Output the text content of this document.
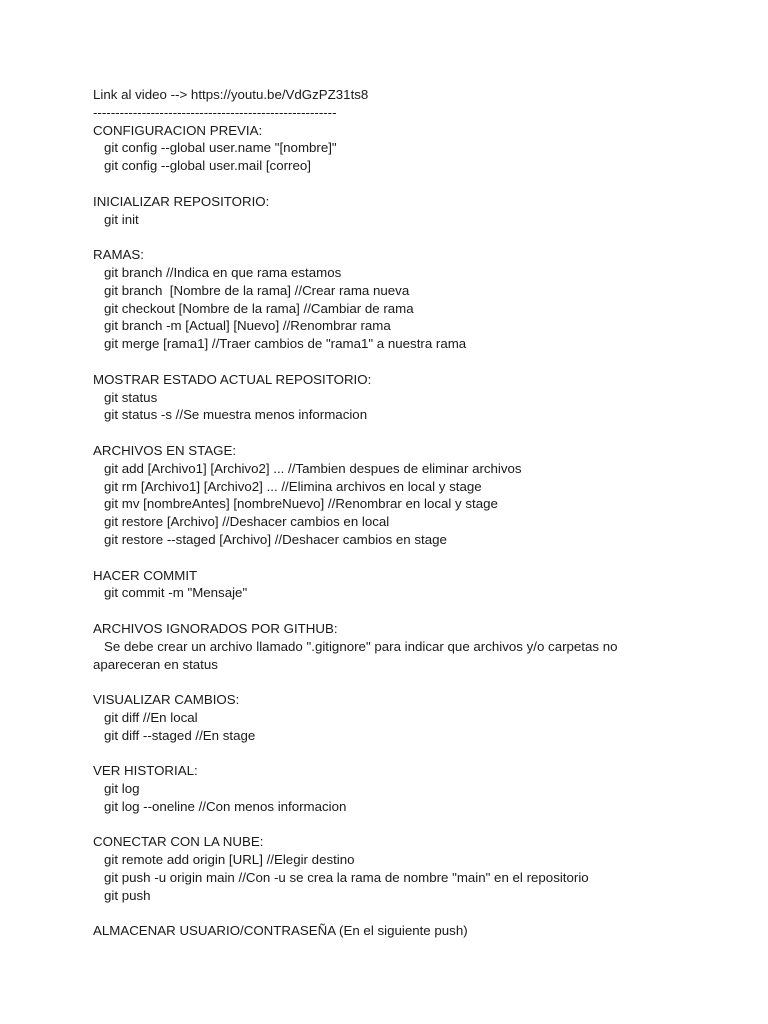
Link al video --> https://youtu.be/VdGzPZ31ts8

-------------------------------------------------------

CONFIGURACION PREVIA:

git config --global user.name "[nombre]"

git config --global user.mail [correo]

INICIALIZAR REPOSITORIO:

git init

RAMAS:

git branch //Indica en que rama estamos

git branch  [Nombre de la rama] //Crear rama nueva

git checkout [Nombre de la rama] //Cambiar de rama

git branch -m [Actual] [Nuevo] //Renombrar rama

git merge [rama1] //Traer cambios de "rama1" a nuestra rama

MOSTRAR ESTADO ACTUAL REPOSITORIO:

git status

git status -s //Se muestra menos informacion

ARCHIVOS EN STAGE:

git add [Archivo1] [Archivo2] ... //Tambien despues de eliminar archivos

git rm [Archivo1] [Archivo2] ... //Elimina archivos en local y stage

git mv [nombreAntes] [nombreNuevo] //Renombrar en local y stage

git restore [Archivo] //Deshacer cambios en local

git restore --staged [Archivo] //Deshacer cambios en stage

HACER COMMIT

git commit -m "Mensaje"

ARCHIVOS IGNORADOS POR GITHUB:

Se debe crear un archivo llamado ".gitignore" para indicar que archivos y/o carpetas no

apareceran en status

VISUALIZAR CAMBIOS:

git diff //En local

git diff --staged //En stage

VER HISTORIAL:

git log

git log --oneline //Con menos informacion

CONECTAR CON LA NUBE:

git remote add origin [URL] //Elegir destino

git push -u origin main //Con -u se crea la rama de nombre "main" en el repositorio

git push

ALMACENAR USUARIO/CONTRASEÑA (En el siguiente push)
